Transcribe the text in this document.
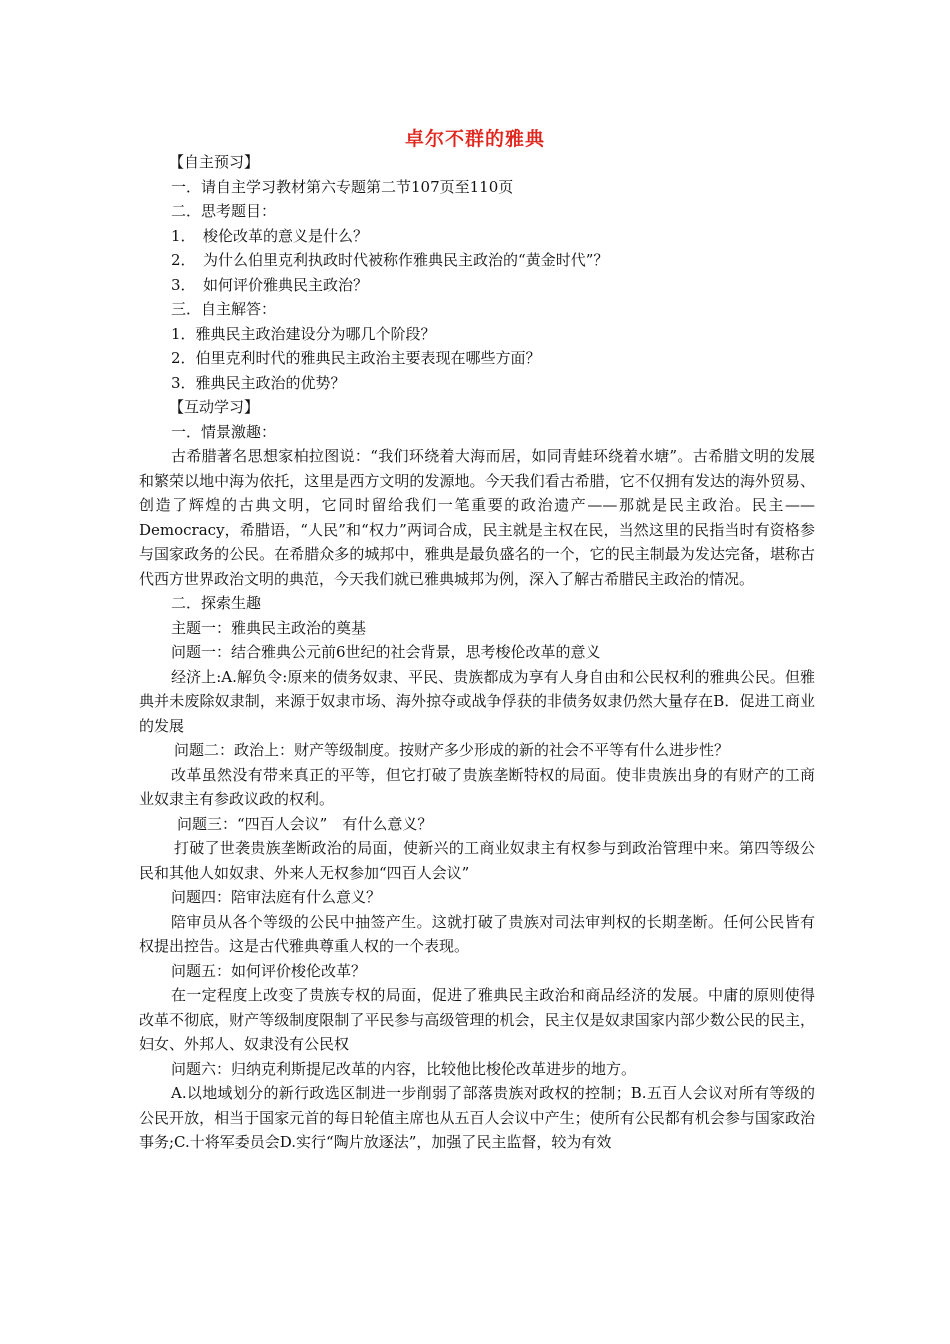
卓尔不群的雅典
【自主预习】
一．请自主学习教材第六专题第二节107页至110页
二．思考题目：
1．　梭伦改革的意义是什么？
2．　为什么伯里克利执政时代被称作雅典民主政治的“黄金时代”？
3．　如何评价雅典民主政治？
三．自主解答：
1．雅典民主政治建设分为哪几个阶段？
2．伯里克利时代的雅典民主政治主要表现在哪些方面？
3．雅典民主政治的优势？
【互动学习】
一．情景激趣：

古希腊著名思想家柏拉图说：“我们环绕着大海而居，如同青蛙环绕着水塘”。古希腊文明的发展和繁荣以地中海为依托，这里是西方文明的发源地。今天我们看古希腊，它不仅拥有发达的海外贸易、创造了辉煌的古典文明，它同时留给我们一笔重要的政治遗产——那就是民主政治。民主——Democracy，希腊语，“人民”和“权力”两词合成，民主就是主权在民，当然这里的民指当时有资格参与国家政务的公民。在希腊众多的城邦中，雅典是最负盛名的一个，它的民主制最为发达完备，堪称古代西方世界政治文明的典范，今天我们就已雅典城邦为例，深入了解古希腊民主政治的情况。

二．探索生趣
主题一：雅典民主政治的奠基
问题一：结合雅典公元前6世纪的社会背景，思考梭伦改革的意义

经济上:A.解负令:原来的债务奴隶、平民、贵族都成为享有人身自由和公民权利的雅典公民。但雅典并未废除奴隶制，来源于奴隶市场、海外掠夺或战争俘获的非债务奴隶仍然大量存在B．促进工商业的发展

问题二：政治上：财产等级制度。按财产多少形成的新的社会不平等有什么进步性？

改革虽然没有带来真正的平等，但它打破了贵族垄断特权的局面。使非贵族出身的有财产的工商业奴隶主有参政议政的权利。

问题三：“四百人会议”　有什么意义？

打破了世袭贵族垄断政治的局面，使新兴的工商业奴隶主有权参与到政治管理中来。第四等级公民和其他人如奴隶、外来人无权参加“四百人会议”

问题四：陪审法庭有什么意义？

陪审员从各个等级的公民中抽签产生。这就打破了贵族对司法审判权的长期垄断。任何公民皆有权提出控告。这是古代雅典尊重人权的一个表现。

问题五：如何评价梭伦改革？

在一定程度上改变了贵族专权的局面，促进了雅典民主政治和商品经济的发展。中庸的原则使得改革不彻底，财产等级制度限制了平民参与高级管理的机会，民主仅是奴隶国家内部少数公民的民主，妇女、外邦人、奴隶没有公民权

问题六：归纳克利斯提尼改革的内容，比较他比梭伦改革进步的地方。

A.以地域划分的新行政选区制进一步削弱了部落贵族对政权的控制；B.五百人会议对所有等级的公民开放，相当于国家元首的每日轮值主席也从五百人会议中产生；使所有公民都有机会参与国家政治事务;C.十将军委员会D.实行“陶片放逐法”，加强了民主监督，较为有效
